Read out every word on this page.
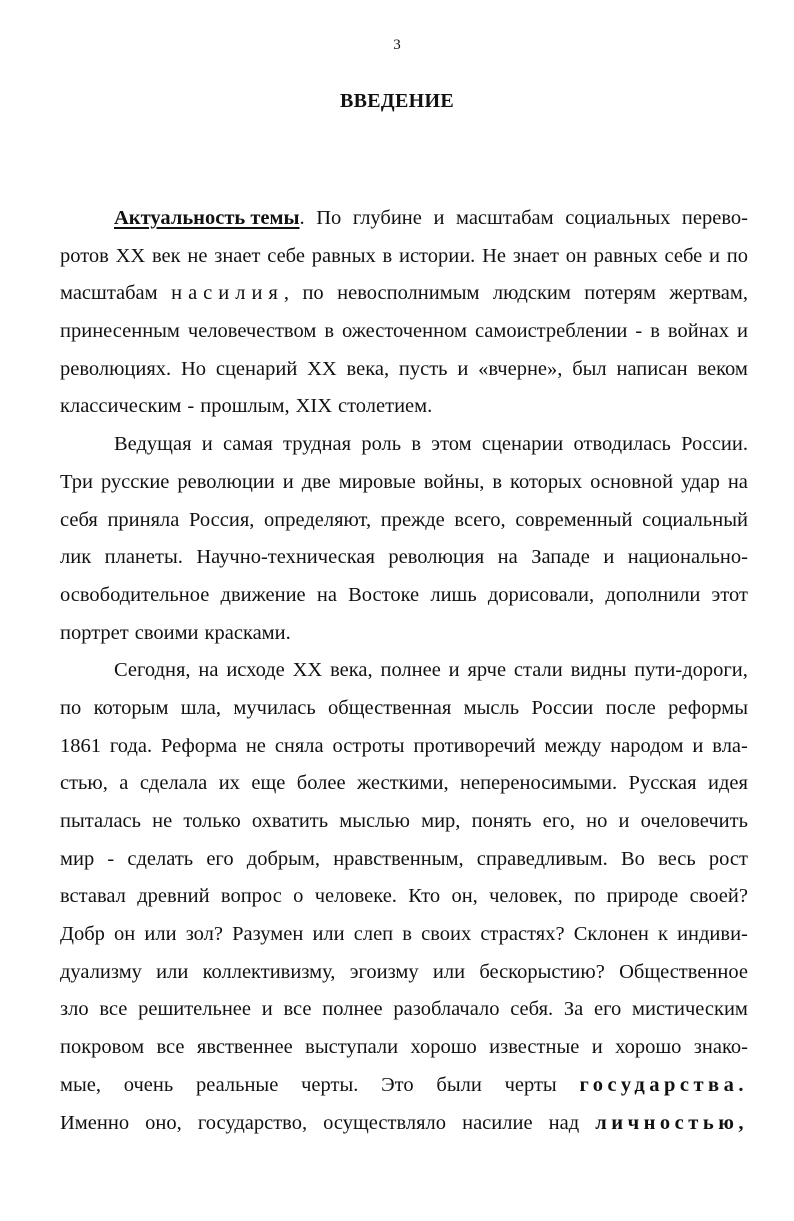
3
ВВЕДЕНИЕ
Актуальность темы. По глубине и масштабам социальных перево-
ротов XX век не знает себе равных в истории. Не знает он равных себе и по
масштабам насилия, по невосполнимым людским потерям жертвам,
принесенным человечеством в ожесточенном самоистреблении - в войнах и
революциях. Но сценарий XX века, пусть и «вчерне», был написан веком
классическим - прошлым, XIX столетием.
Ведущая и самая трудная роль в этом сценарии отводилась России.
Три русские революции и две мировые войны, в которых основной удар на
себя приняла Россия, определяют, прежде всего, современный социальный
лик планеты. Научно-техническая революция на Западе и национально-
освободительное движение на Востоке лишь дорисовали, дополнили этот
портрет своими красками.
Сегодня, на исходе XX века, полнее и ярче стали видны пути-дороги,
по которым шла, мучилась общественная мысль России после реформы
1861 года. Реформа не сняла остроты противоречий между народом и вла-
стью, а сделала их еще более жесткими, непереносимыми. Русская идея
пыталась не только охватить мыслью мир, понять его, но и очеловечить
мир - сделать его добрым, нравственным, справедливым. Во весь рост
вставал древний вопрос о человеке. Кто он, человек, по природе своей?
Добр он или зол? Разумен или слеп в своих страстях? Склонен к индиви-
дуализму или коллективизму, эгоизму или бескорыстию? Общественное
зло все решительнее и все полнее разоблачало себя. За его мистическим
покровом все явственнее выступали хорошо известные и хорошо знако-
мые, очень реальные черты. Это были черты государства.
Именно оно, государство, осуществляло насилие над личностью,
